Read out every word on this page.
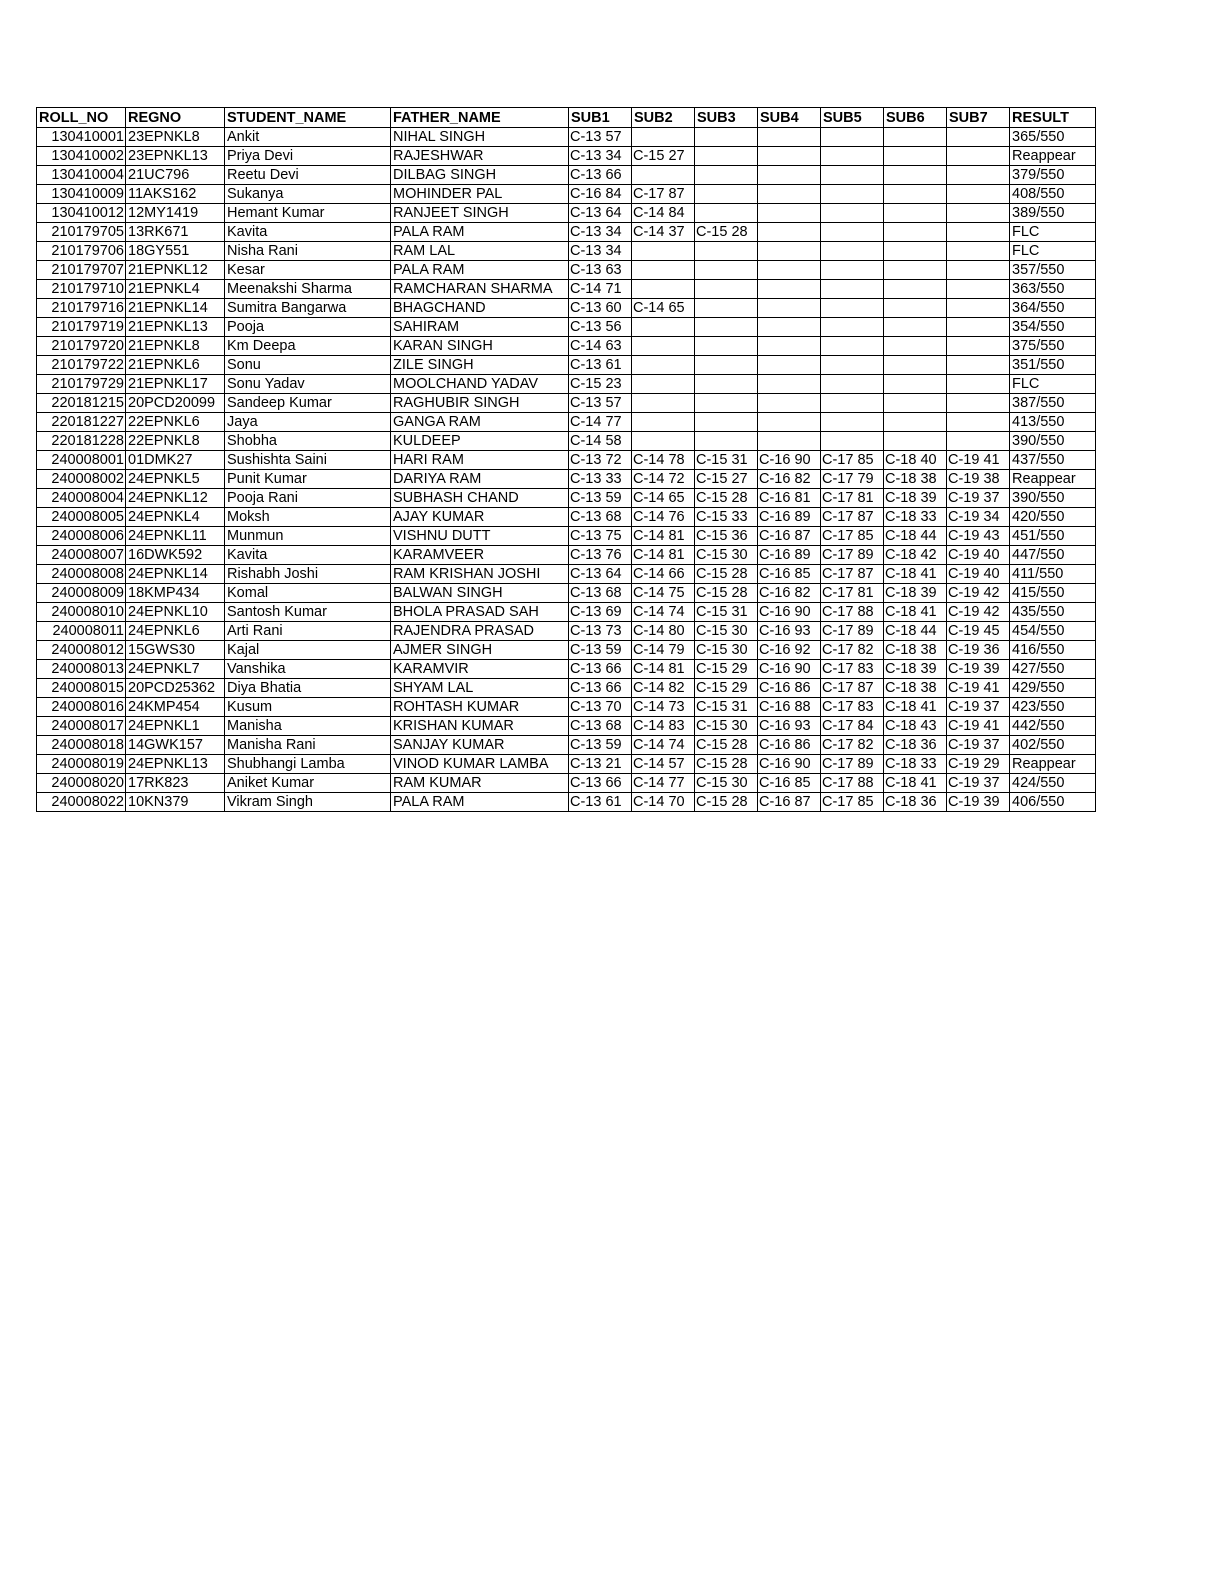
ROLL_NO	REGNO	STUDENT_NAME	FATHER_NAME	SUB1	SUB2	SUB3	SUB4	SUB5	SUB6	SUB7	RESULT
130410001	23EPNKL8	Ankit	NIHAL SINGH	C-13 57							365/550
130410002	23EPNKL13	Priya Devi	RAJESHWAR	C-13 34	C-15 27						Reappear
130410004	21UC796	Reetu Devi	DILBAG SINGH	C-13 66							379/550
130410009	11AKS162	Sukanya	MOHINDER PAL	C-16 84	C-17 87						408/550
130410012	12MY1419	Hemant Kumar	RANJEET SINGH	C-13 64	C-14 84						389/550
210179705	13RK671	Kavita	PALA RAM	C-13 34	C-14 37	C-15 28					FLC
210179706	18GY551	Nisha Rani	RAM LAL	C-13 34							FLC
210179707	21EPNKL12	Kesar	PALA RAM	C-13 63							357/550
210179710	21EPNKL4	Meenakshi Sharma	RAMCHARAN SHARMA	C-14 71							363/550
210179716	21EPNKL14	Sumitra Bangarwa	BHAGCHAND	C-13 60	C-14 65						364/550
210179719	21EPNKL13	Pooja	SAHIRAM	C-13 56							354/550
210179720	21EPNKL8	Km Deepa	KARAN SINGH	C-14 63							375/550
210179722	21EPNKL6	Sonu	ZILE SINGH	C-13 61							351/550
210179729	21EPNKL17	Sonu Yadav	MOOLCHAND YADAV	C-15 23							FLC
220181215	20PCD20099	Sandeep Kumar	RAGHUBIR SINGH	C-13 57							387/550
220181227	22EPNKL6	Jaya	GANGA RAM	C-14 77							413/550
220181228	22EPNKL8	Shobha	KULDEEP	C-14 58							390/550
240008001	01DMK27	Sushishta Saini	HARI RAM	C-13 72	C-14 78	C-15 31	C-16 90	C-17 85	C-18 40	C-19 41	437/550
240008002	24EPNKL5	Punit Kumar	DARIYA RAM	C-13 33	C-14 72	C-15 27	C-16 82	C-17 79	C-18 38	C-19 38	Reappear
240008004	24EPNKL12	Pooja Rani	SUBHASH CHAND	C-13 59	C-14 65	C-15 28	C-16 81	C-17 81	C-18 39	C-19 37	390/550
240008005	24EPNKL4	Moksh	AJAY KUMAR	C-13 68	C-14 76	C-15 33	C-16 89	C-17 87	C-18 33	C-19 34	420/550
240008006	24EPNKL11	Munmun	VISHNU DUTT	C-13 75	C-14 81	C-15 36	C-16 87	C-17 85	C-18 44	C-19 43	451/550
240008007	16DWK592	Kavita	KARAMVEER	C-13 76	C-14 81	C-15 30	C-16 89	C-17 89	C-18 42	C-19 40	447/550
240008008	24EPNKL14	Rishabh Joshi	RAM KRISHAN JOSHI	C-13 64	C-14 66	C-15 28	C-16 85	C-17 87	C-18 41	C-19 40	411/550
240008009	18KMP434	Komal	BALWAN SINGH	C-13 68	C-14 75	C-15 28	C-16 82	C-17 81	C-18 39	C-19 42	415/550
240008010	24EPNKL10	Santosh Kumar	BHOLA PRASAD SAH	C-13 69	C-14 74	C-15 31	C-16 90	C-17 88	C-18 41	C-19 42	435/550
240008011	24EPNKL6	Arti Rani	RAJENDRA PRASAD	C-13 73	C-14 80	C-15 30	C-16 93	C-17 89	C-18 44	C-19 45	454/550
240008012	15GWS30	Kajal	AJMER SINGH	C-13 59	C-14 79	C-15 30	C-16 92	C-17 82	C-18 38	C-19 36	416/550
240008013	24EPNKL7	Vanshika	KARAMVIR	C-13 66	C-14 81	C-15 29	C-16 90	C-17 83	C-18 39	C-19 39	427/550
240008015	20PCD25362	Diya Bhatia	SHYAM LAL	C-13 66	C-14 82	C-15 29	C-16 86	C-17 87	C-18 38	C-19 41	429/550
240008016	24KMP454	Kusum	ROHTASH KUMAR	C-13 70	C-14 73	C-15 31	C-16 88	C-17 83	C-18 41	C-19 37	423/550
240008017	24EPNKL1	Manisha	KRISHAN KUMAR	C-13 68	C-14 83	C-15 30	C-16 93	C-17 84	C-18 43	C-19 41	442/550
240008018	14GWK157	Manisha Rani	SANJAY KUMAR	C-13 59	C-14 74	C-15 28	C-16 86	C-17 82	C-18 36	C-19 37	402/550
240008019	24EPNKL13	Shubhangi Lamba	VINOD KUMAR LAMBA	C-13 21	C-14 57	C-15 28	C-16 90	C-17 89	C-18 33	C-19 29	Reappear
240008020	17RK823	Aniket Kumar	RAM KUMAR	C-13 66	C-14 77	C-15 30	C-16 85	C-17 88	C-18 41	C-19 37	424/550
240008022	10KN379	Vikram Singh	PALA RAM	C-13 61	C-14 70	C-15 28	C-16 87	C-17 85	C-18 36	C-19 39	406/550
